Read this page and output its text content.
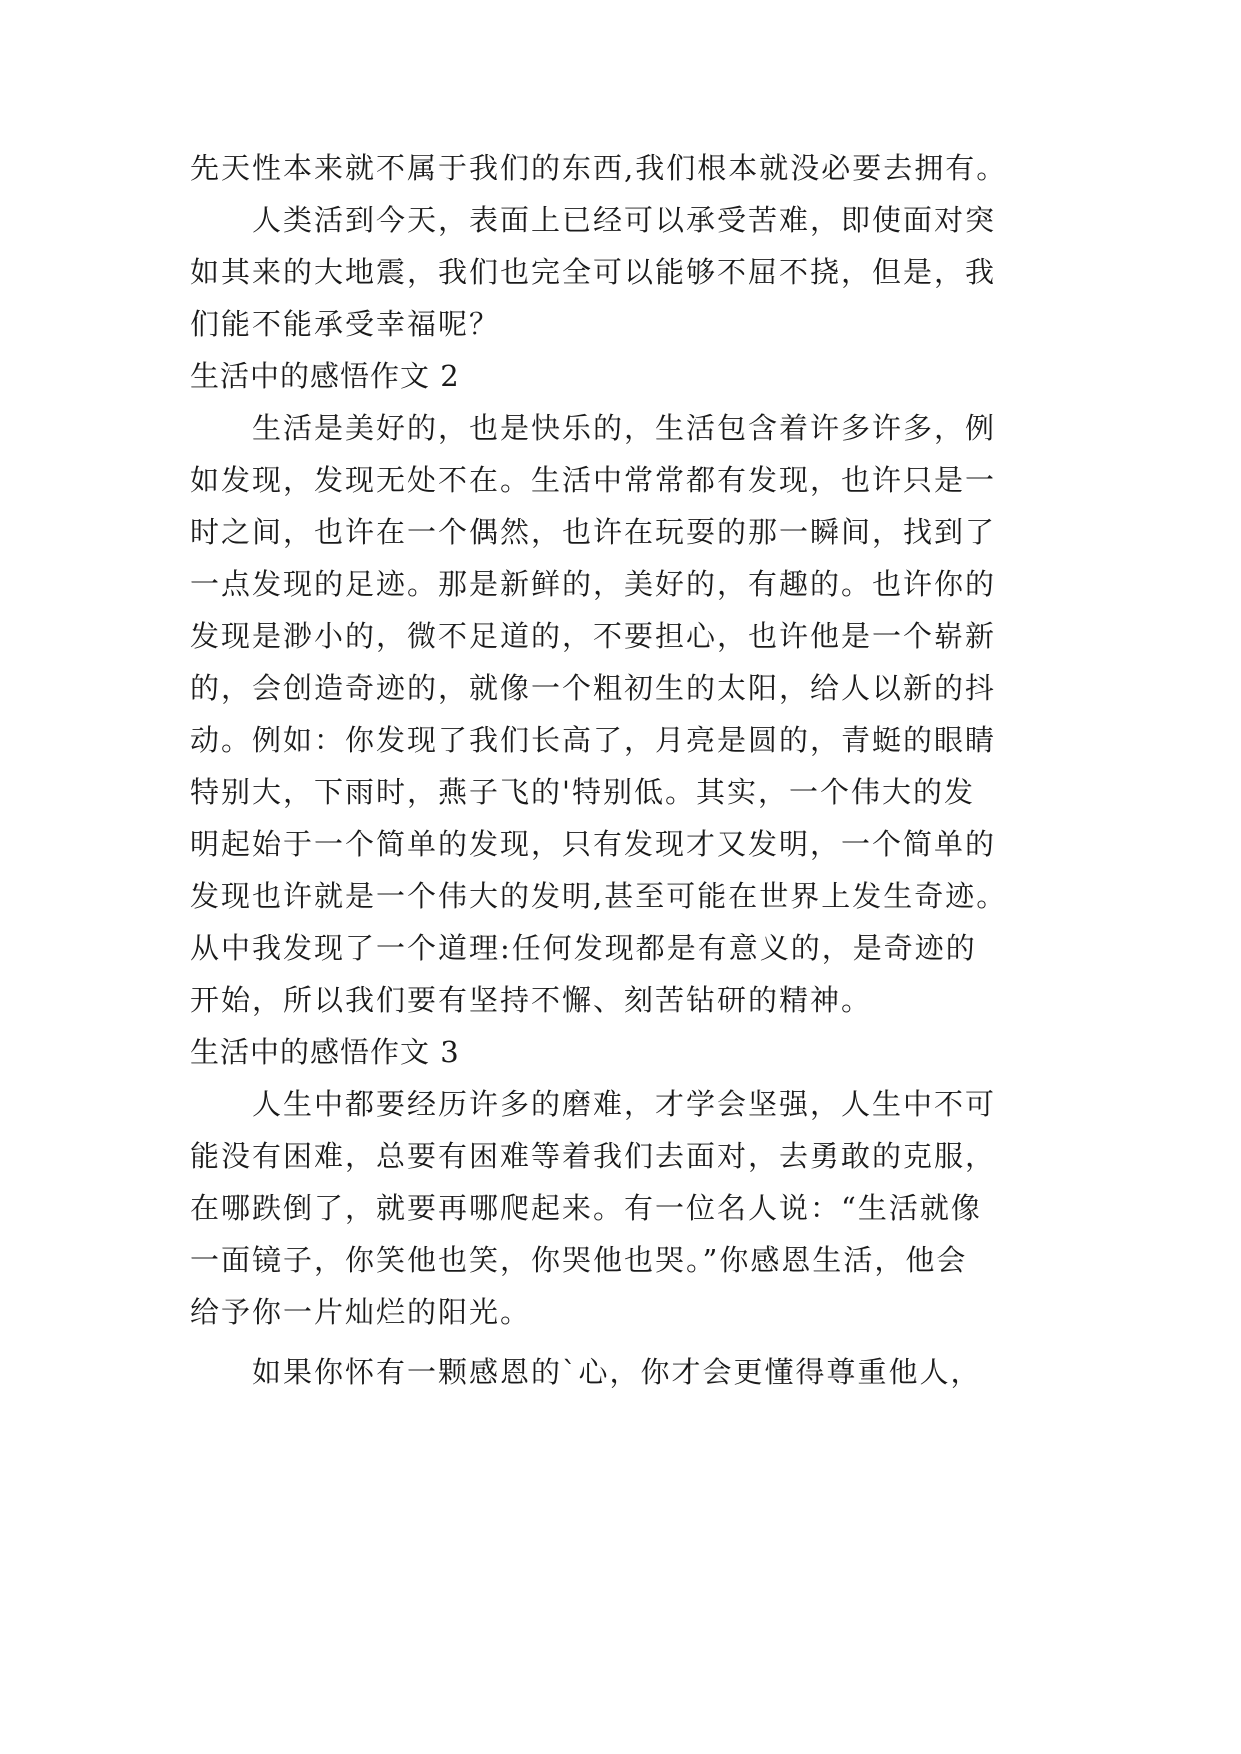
先天性本来就不属于我们的东西,我们根本就没必要去拥有。
人类活到今天，表面上已经可以承受苦难，即使面对突
如其来的大地震，我们也完全可以能够不屈不挠，但是，我
们能不能承受幸福呢？
生活中的感悟作文 2
生活是美好的，也是快乐的，生活包含着许多许多，例
如发现，发现无处不在。生活中常常都有发现，也许只是一
时之间，也许在一个偶然，也许在玩耍的那一瞬间，找到了
一点发现的足迹。那是新鲜的，美好的，有趣的。也许你的
发现是渺小的，微不足道的，不要担心，也许他是一个崭新
的，会创造奇迹的，就像一个粗初生的太阳，给人以新的抖
动。例如：你发现了我们长高了，月亮是圆的，青蜓的眼睛
特别大，下雨时，燕子飞的'特别低。其实，一个伟大的发
明起始于一个简单的发现，只有发现才又发明，一个简单的
发现也许就是一个伟大的发明,甚至可能在世界上发生奇迹。
从中我发现了一个道理:任何发现都是有意义的，是奇迹的
开始，所以我们要有坚持不懈、刻苦钻研的精神。
生活中的感悟作文 3
人生中都要经历许多的磨难，才学会坚强，人生中不可
能没有困难，总要有困难等着我们去面对，去勇敢的克服，
在哪跌倒了，就要再哪爬起来。有一位名人说：“生活就像
一面镜子，你笑他也笑，你哭他也哭。”你感恩生活，他会
给予你一片灿烂的阳光。
如果你怀有一颗感恩的`心，你才会更懂得尊重他人，
